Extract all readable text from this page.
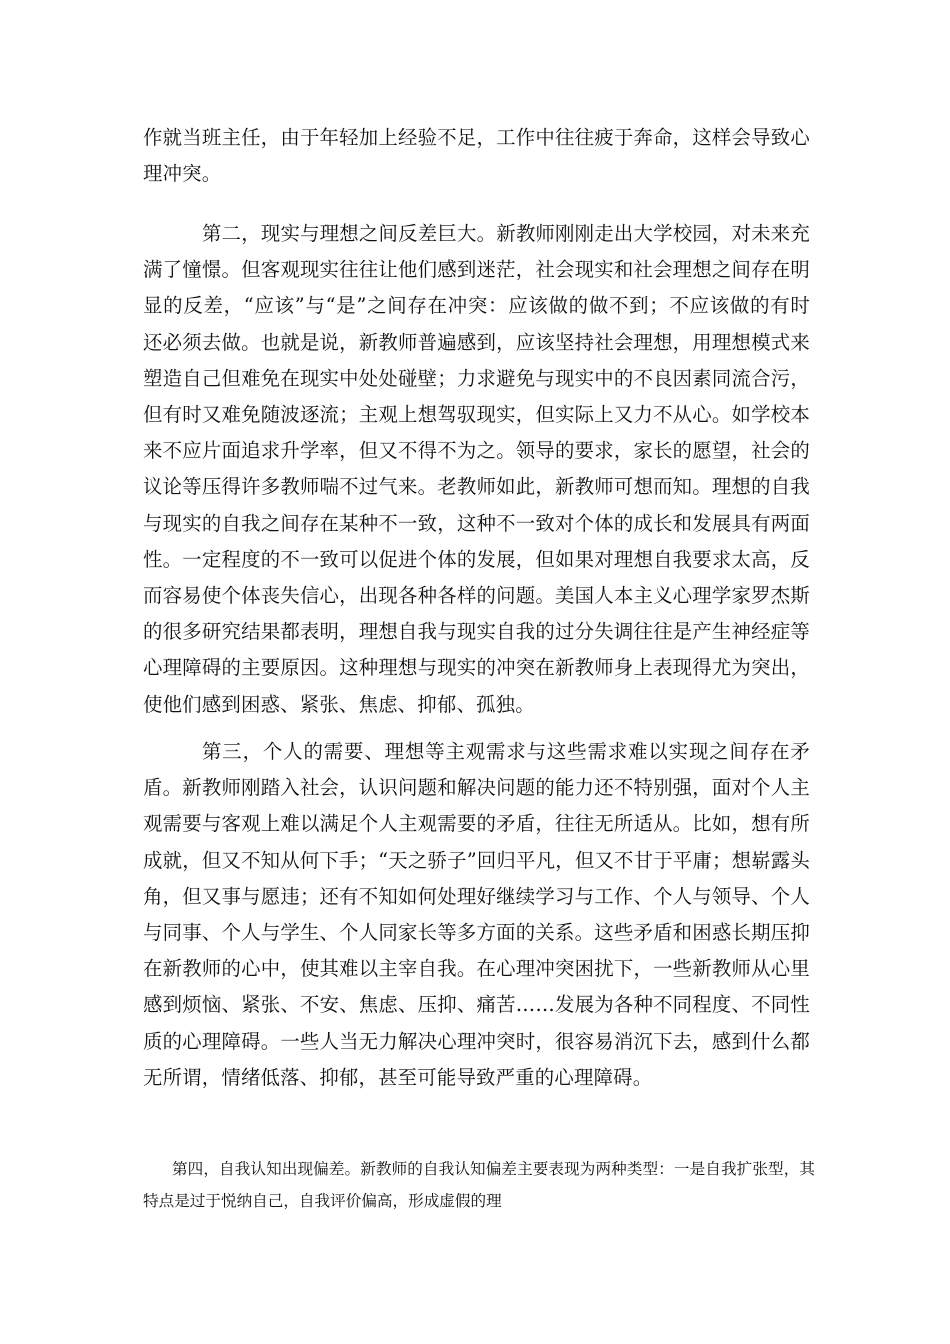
作就当班主任，由于年轻加上经验不足，工作中往往疲于奔命，这样会导致心理冲突。

第二，现实与理想之间反差巨大。新教师刚刚走出大学校园，对未来充满了憧憬。但客观现实往往让他们感到迷茫，社会现实和社会理想之间存在明显的反差，“应该”与“是”之间存在冲突：应该做的做不到；不应该做的有时还必须去做。也就是说，新教师普遍感到，应该坚持社会理想，用理想模式来塑造自己但难免在现实中处处碰壁；力求避免与现实中的不良因素同流合污，但有时又难免随波逐流；主观上想驾驭现实，但实际上又力不从心。如学校本来不应片面追求升学率，但又不得不为之。领导的要求，家长的愿望，社会的议论等压得许多教师喘不过气来。老教师如此，新教师可想而知。理想的自我与现实的自我之间存在某种不一致，这种不一致对个体的成长和发展具有两面性。一定程度的不一致可以促进个体的发展，但如果对理想自我要求太高，反而容易使个体丧失信心，出现各种各样的问题。美国人本主义心理学家罗杰斯的很多研究结果都表明，理想自我与现实自我的过分失调往往是产生神经症等心理障碍的主要原因。这种理想与现实的冲突在新教师身上表现得尤为突出，使他们感到困惑、紧张、焦虑、抑郁、孤独。

第三，个人的需要、理想等主观需求与这些需求难以实现之间存在矛盾。新教师刚踏入社会，认识问题和解决问题的能力还不特别强，面对个人主观需要与客观上难以满足个人主观需要的矛盾，往往无所适从。比如，想有所成就，但又不知从何下手；“天之骄子”回归平凡，但又不甘于平庸；想崭露头角，但又事与愿违；还有不知如何处理好继续学习与工作、个人与领导、个人与同事、个人与学生、个人同家长等多方面的关系。这些矛盾和困惑长期压抑在新教师的心中，使其难以主宰自我。在心理冲突困扰下，一些新教师从心里感到烦恼、紧张、不安、焦虑、压抑、痛苦……发展为各种不同程度、不同性质的心理障碍。一些人当无力解决心理冲突时，很容易消沉下去，感到什么都无所谓，情绪低落、抑郁，甚至可能导致严重的心理障碍。

第四，自我认知出现偏差。新教师的自我认知偏差主要表现为两种类型：一是自我扩张型，其特点是过于悦纳自己，自我评价偏高，形成虚假的理
